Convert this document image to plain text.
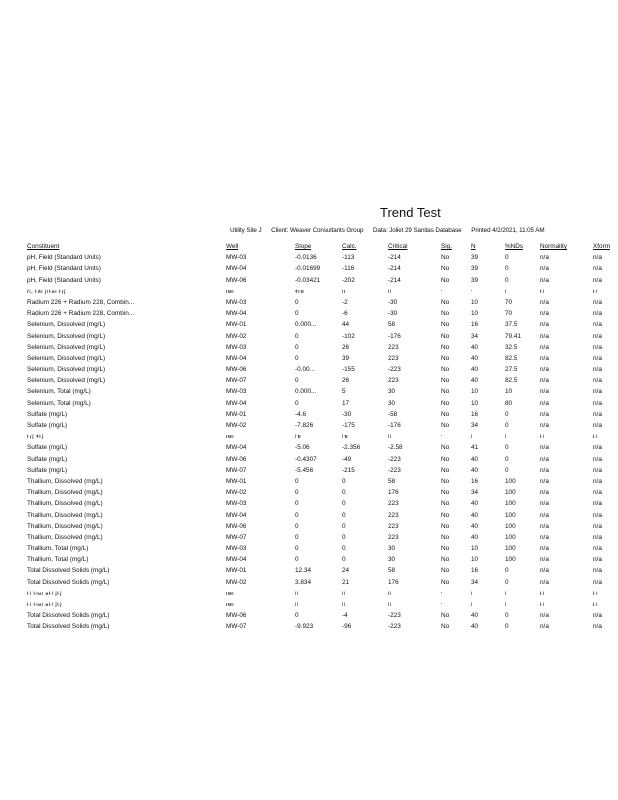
Trend Test
Utility Site J Client: Weaver Consultants Group Data: Joliet 29 Sanitas Database Printed 4/2/2021, 11:05 AM
Constituent	Well	Slope	Calc.	Critical	Sig.	N	%NDs	Normality	Xform
pH, Field (Standard Units)	MW-03	-0.0136	-113	-214	No	39	0	n/a	n/a
pH, Field (Standard Units)	MW-04	-0.01699	-116	-214	No	39	0	n/a	n/a
pH, Field (Standard Units)	MW-06	-0.03421	-202	-214	No	39	0	n/a	n/a
ři, ŀйІ ĵ!ŀиІ ŀŗĵ	ІΜΙ	ǂІΈ	ǀІ	ǀǀ	ʹ	ʹ	ǀ	ŀǀ	ŀǀ
Radium 226 + Radium 228, Combin...	MW-03	0	-2	-30	No	10	70	n/a	n/a
Radium 226 + Radium 228, Combin...	MW-04	0	-6	-30	No	10	70	n/a	n/a
Selenium, Dissolved (mg/L)	MW-01	0.000...	44	58	No	16	37.5	n/a	n/a
Selenium, Dissolved (mg/L)	MW-02	0	-102	-176	No	34	79.41	n/a	n/a
Selenium, Dissolved (mg/L)	MW-03	0	26	223	No	40	32.5	n/a	n/a
Selenium, Dissolved (mg/L)	MW-04	0	39	223	No	40	82.5	n/a	n/a
Selenium, Dissolved (mg/L)	MW-06	-0.00...	-155	-223	No	40	27.5	n/a	n/a
Selenium, Dissolved (mg/L)	MW-07	0	26	223	No	40	82.5	n/a	n/a
Selenium, Total (mg/L)	MW-03	0.000...	5	30	No	10	10	n/a	n/a
Selenium, Total (mg/L)	MW-04	0	17	30	No	10	80	n/a	n/a
Sulfate (mg/L)	MW-01	-4.6	-30	-58	No	16	0	n/a	n/a
Sulfate (mg/L)	MW-02	-7.826	-175	-176	No	34	0	n/a	n/a
ŀŗĵ ǂŀĵ	ІΜΙ	ǀΈ	ǀΈ	ǀǀ	ʹ	ǀ	ǀ	ŀǀ	ŀǀ
Sulfate (mg/L)	MW-04	-5.06	-2.356	-2.58	No	41	0	n/a	n/a
Sulfate (mg/L)	MW-06	-0.4307	-49	-223	No	40	0	n/a	n/a
Sulfate (mg/L)	MW-07	-5.456	-215	-223	No	40	0	n/a	n/a
Thallium, Dissolved (mg/L)	MW-01	0	0	58	No	16	100	n/a	n/a
Thallium, Dissolved (mg/L)	MW-02	0	0	176	No	34	100	n/a	n/a
Thallium, Dissolved (mg/L)	MW-03	0	0	223	No	40	100	n/a	n/a
Thallium, Dissolved (mg/L)	MW-04	0	0	223	No	40	100	n/a	n/a
Thallium, Dissolved (mg/L)	MW-06	0	0	223	No	40	100	n/a	n/a
Thallium, Dissolved (mg/L)	MW-07	0	0	223	No	40	100	n/a	n/a
Thallium, Total (mg/L)	MW-03	0	0	30	No	10	100	n/a	n/a
Thallium, Total (mg/L)	MW-04	0	0	30	No	10	100	n/a	n/a
Total Dissolved Solids (mg/L)	MW-01	12.34	24	58	No	16	0	n/a	n/a
Total Dissolved Solids (mg/L)	MW-02	3.834	21	176	No	34	0	n/a	n/a
ŀǀ ŀІиΙ иŀǀ ĵŀĵ	ІΜΙ	ǀǀ	ǀǀ	ǀǀ	ʹ	ǀ	ǀ	ŀǀ	ŀǀ
ŀǀ ŀІиΙ иŀǀ ĵŀĵ	ІΜΙ	ǀǀ	ǀǀ	ǀǀ	ʹ	ǀ	ǀ	ŀǀ	ŀǀ
Total Dissolved Solids (mg/L)	MW-06	0	-4	-223	No	40	0	n/a	n/a
Total Dissolved Solids (mg/L)	MW-07	-9.923	-96	-223	No	40	0	n/a	n/a
